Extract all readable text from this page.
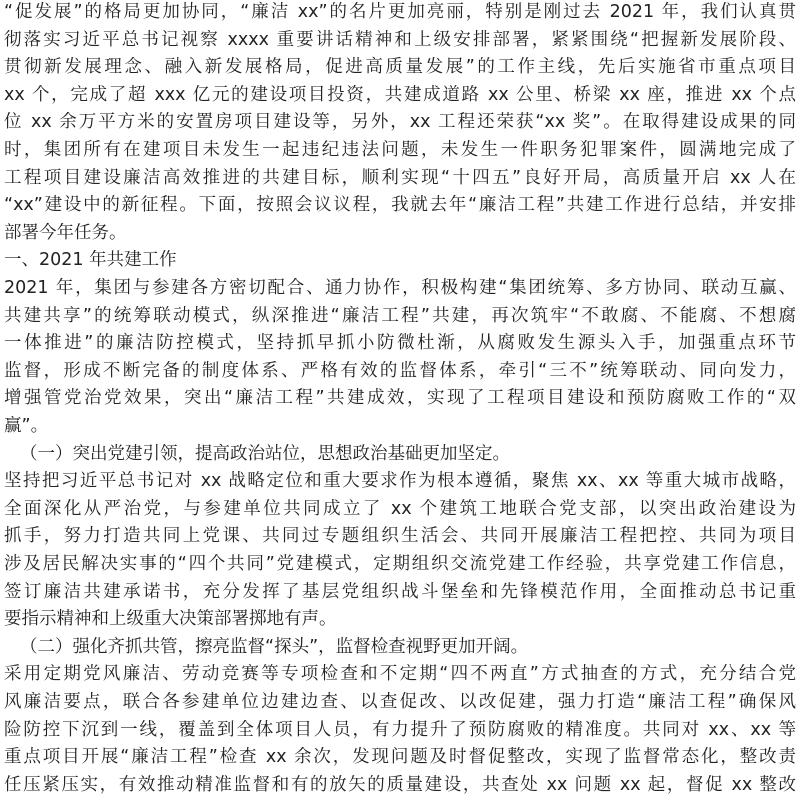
“促发展”的格局更加协同，“廉洁 xx”的名片更加亮丽，特别是刚过去 2021 年，我们认真贯
彻落实习近平总书记视察 xxxx 重要讲话精神和上级安排部署，紧紧围绕“把握新发展阶段、
贯彻新发展理念、融入新发展格局，促进高质量发展”的工作主线，先后实施省市重点项目
xx 个，完成了超 xxx 亿元的建设项目投资，共建成道路 xx 公里、桥梁 xx 座，推进 xx 个点
位 xx 余万平方米的安置房项目建设等，另外，xx 工程还荣获“xx 奖”。在取得建设成果的同
时，集团所有在建项目未发生一起违纪违法问题，未发生一件职务犯罪案件，圆满地完成了
工程项目建设廉洁高效推进的共建目标，顺利实现“十四五”良好开局，高质量开启 xx 人在
“xx”建设中的新征程。下面，按照会议议程，我就去年“廉洁工程”共建工作进行总结，并安排
部署今年任务。
一、2021 年共建工作
2021 年，集团与参建各方密切配合、通力协作，积极构建“集团统筹、多方协同、联动互赢、
共建共享”的统筹联动模式，纵深推进“廉洁工程”共建，再次筑牢“不敢腐、不能腐、不想腐
一体推进”的廉洁防控模式，坚持抓早抓小防微杜渐，从腐败发生源头入手，加强重点环节
监督，形成不断完备的制度体系、严格有效的监督体系，牵引“三不”统筹联动、同向发力，
增强管党治党效果，突出“廉洁工程”共建成效，实现了工程项目建设和预防腐败工作的“双
赢”。
（一）突出党建引领，提高政治站位，思想政治基础更加坚定。
坚持把习近平总书记对 xx 战略定位和重大要求作为根本遵循，聚焦 xx、xx 等重大城市战略，
全面深化从严治党，与参建单位共同成立了 xx 个建筑工地联合党支部，以突出政治建设为
抓手，努力打造共同上党课、共同过专题组织生活会、共同开展廉洁工程把控、共同为项目
涉及居民解决实事的“四个共同”党建模式，定期组织交流党建工作经验，共享党建工作信息，
签订廉洁共建承诺书，充分发挥了基层党组织战斗堡垒和先锋模范作用，全面推动总书记重
要指示精神和上级重大决策部署掷地有声。
（二）强化齐抓共管，擦亮监督“探头”，监督检查视野更加开阔。
采用定期党风廉洁、劳动竞赛等专项检查和不定期“四不两直”方式抽查的方式，充分结合党
风廉洁要点，联合各参建单位边建边查、以查促改、以改促建，强力打造“廉洁工程”确保风
险防控下沉到一线，覆盖到全体项目人员，有力提升了预防腐败的精准度。共同对 xx、xx 等
重点项目开展“廉洁工程”检查 xx 余次，发现问题及时督促整改，实现了监督常态化，整改责
任压紧压实，有效推动精准监督和有的放矢的质量建设，共查处 xx 问题 xx 起，督促 xx 整改
